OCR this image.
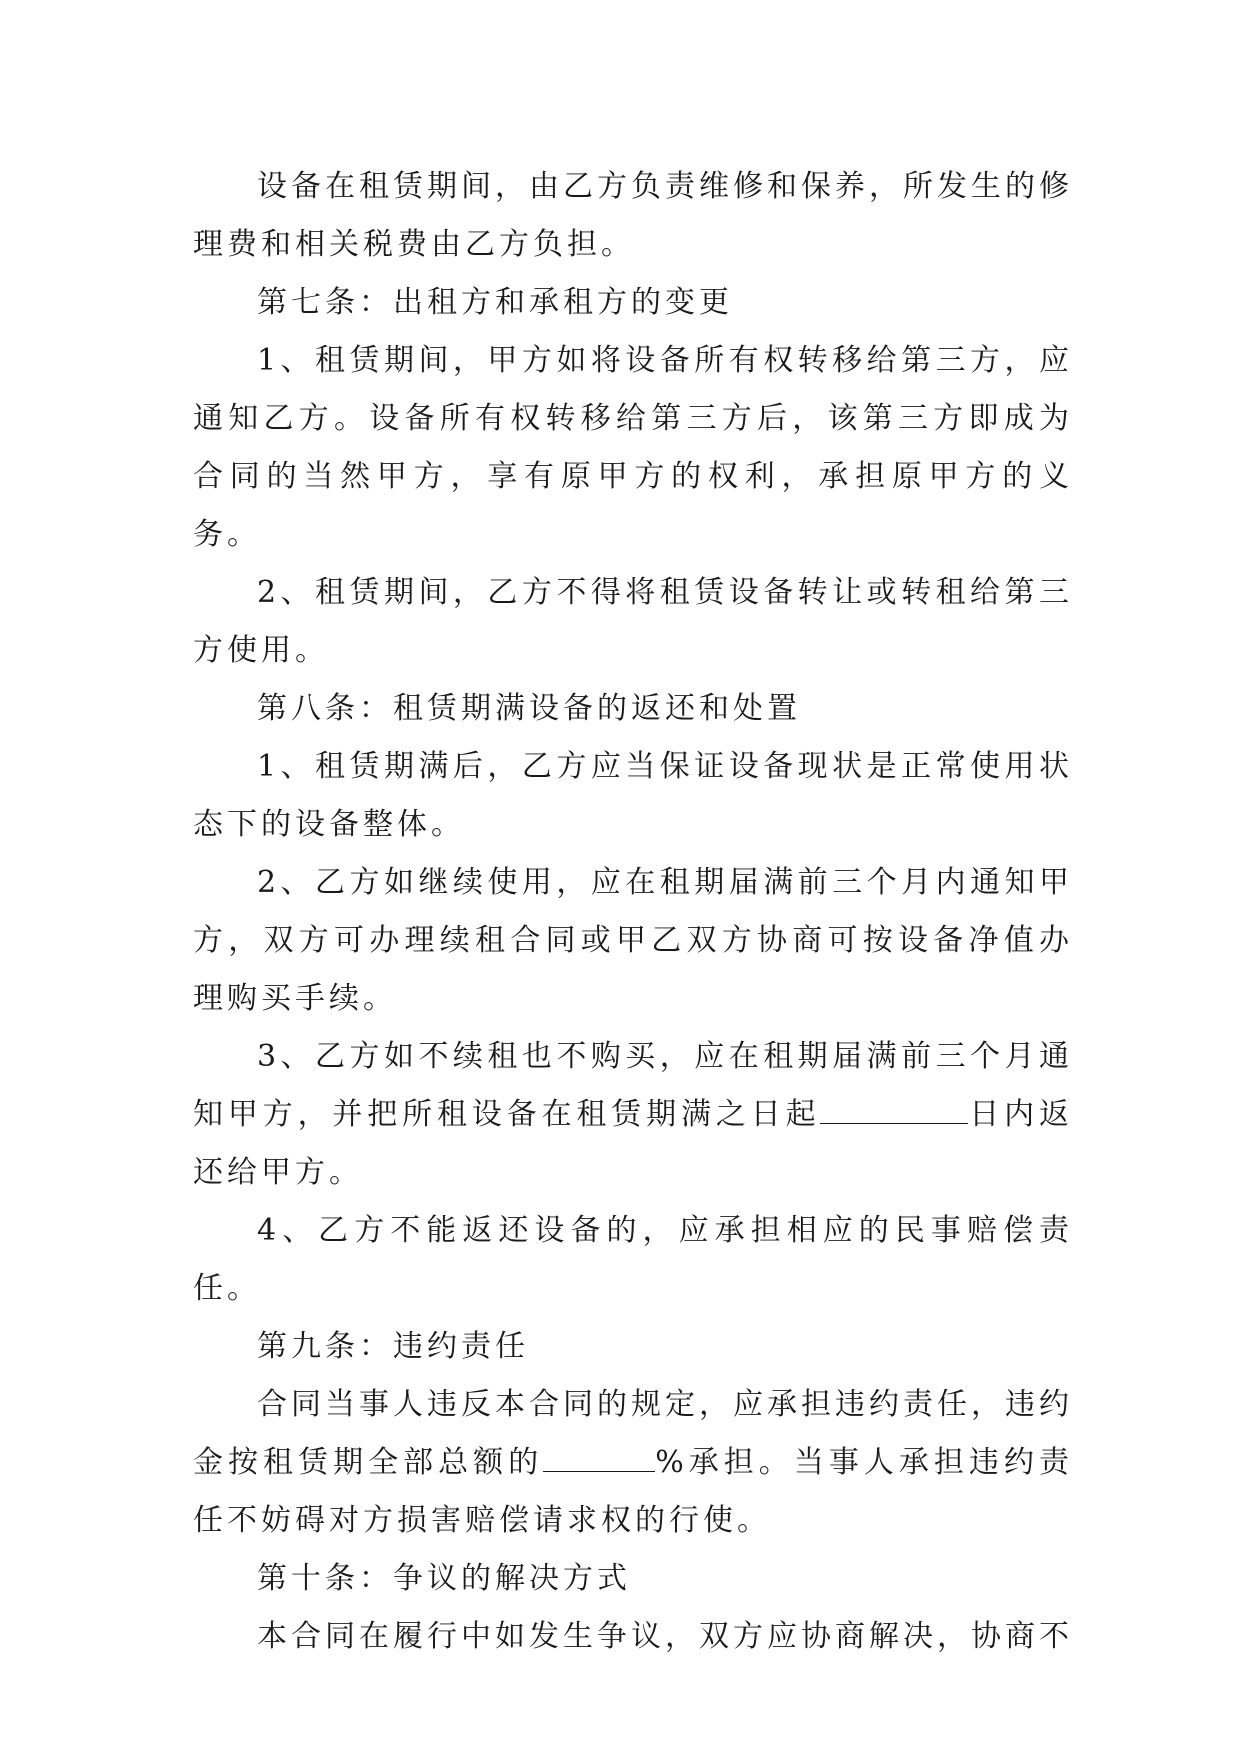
设备在租赁期间，由乙方负责维修和保养，所发生的修理费和相关税费由乙方负担。

第七条：出租方和承租方的变更

1、租赁期间，甲方如将设备所有权转移给第三方，应通知乙方。设备所有权转移给第三方后，该第三方即成为合同的当然甲方，享有原甲方的权利，承担原甲方的义务。

2、租赁期间，乙方不得将租赁设备转让或转租给第三方使用。

第八条：租赁期满设备的返还和处置

1、租赁期满后，乙方应当保证设备现状是正常使用状态下的设备整体。

2、乙方如继续使用，应在租期届满前三个月内通知甲方，双方可办理续租合同或甲乙双方协商可按设备净值办理购买手续。

3、乙方如不续租也不购买，应在租期届满前三个月通知甲方，并把所租设备在租赁期满之日起	日内返还给甲方。

4、乙方不能返还设备的，应承担相应的民事赔偿责任。

第九条：违约责任

合同当事人违反本合同的规定，应承担违约责任，违约金按租赁期全部总额的	%承担。当事人承担违约责任不妨碍对方损害赔偿请求权的行使。

第十条：争议的解决方式

本合同在履行中如发生争议，双方应协商解决，协商不
